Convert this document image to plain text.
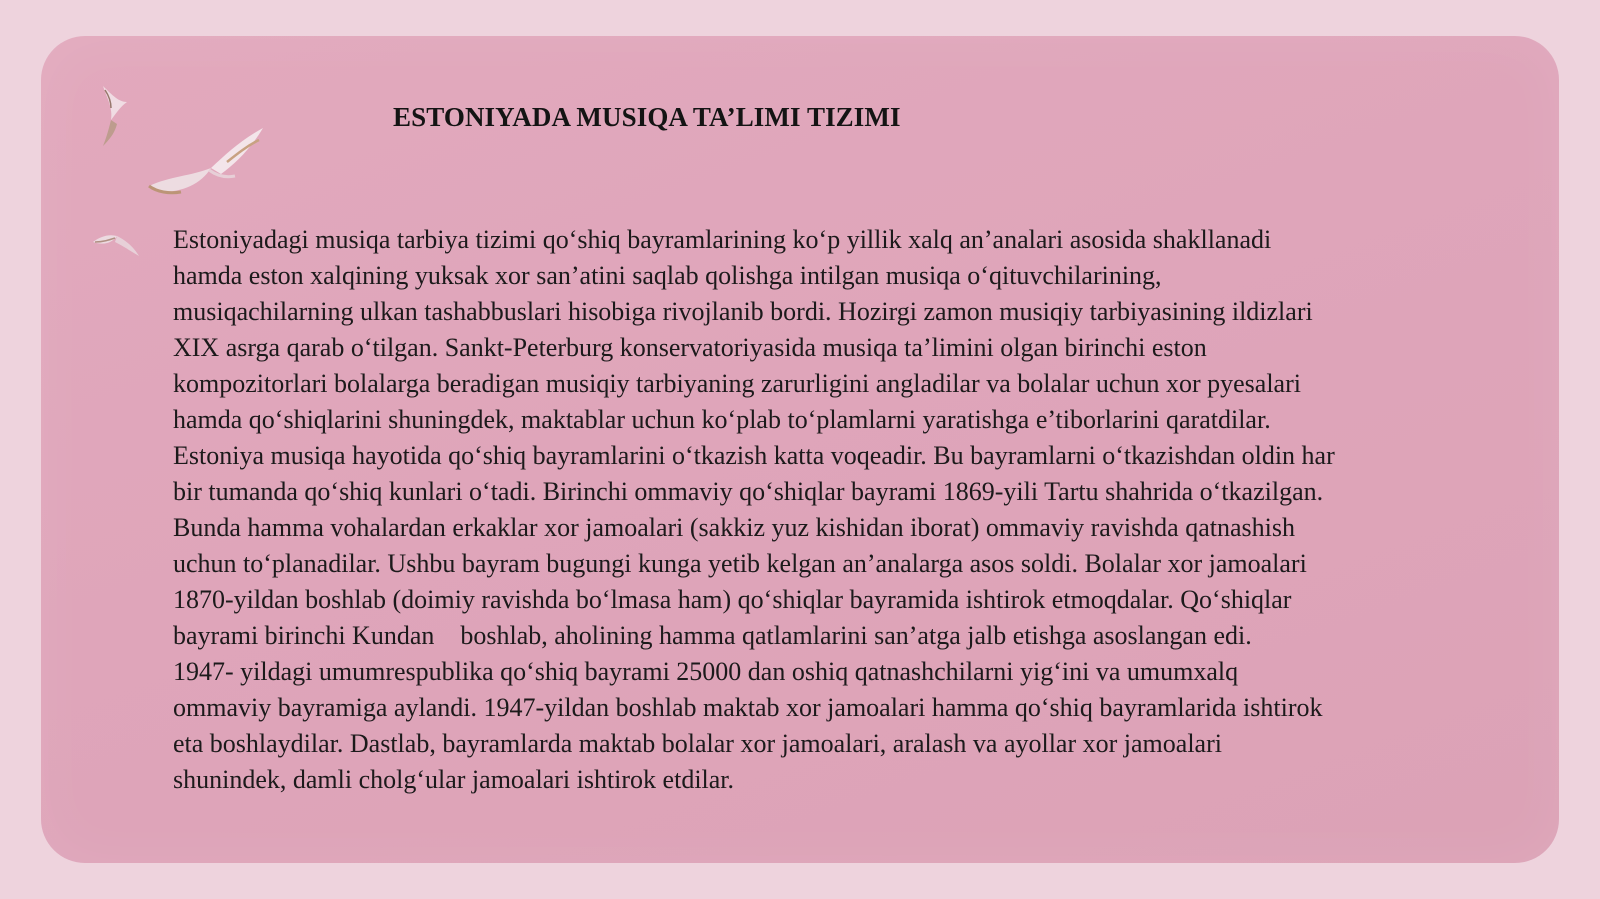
ESTONIYADA MUSIQA TA’LIMI TIZIMI
Estoniyadagi musiqa tarbiya tizimi qo‘shiq bayramlarining ko‘p yillik xalq an’analari asosida shakllanadi
hamda eston xalqining yuksak xor san’atini saqlab qolishga intilgan musiqa o‘qituvchilarining,
musiqachilarning ulkan tashabbuslari hisobiga rivojlanib bordi. Hozirgi zamon musiqiy tarbiyasining ildizlari
XIX asrga qarab o‘tilgan. Sankt-Peterburg konservatoriyasida musiqa ta’limini olgan birinchi eston
kompozitorlari bolalarga beradigan musiqiy tarbiyaning zarurligini angladilar va bolalar uchun xor pyesalari
hamda qo‘shiqlarini shuningdek, maktablar uchun ko‘plab to‘plamlarni yaratishga e’tiborlarini qaratdilar.
Estoniya musiqa hayotida qo‘shiq bayramlarini o‘tkazish katta voqeadir. Bu bayramlarni o‘tkazishdan oldin har
bir tumanda qo‘shiq kunlari o‘tadi. Birinchi ommaviy qo‘shiqlar bayrami 1869-yili Tartu shahrida o‘tkazilgan.
Bunda hamma vohalardan erkaklar xor jamoalari (sakkiz yuz kishidan iborat) ommaviy ravishda qatnashish
uchun to‘planadilar. Ushbu bayram bugungi kunga yetib kelgan an’analarga asos soldi. Bolalar xor jamoalari
1870-yildan boshlab (doimiy ravishda bo‘lmasa ham) qo‘shiqlar bayramida ishtirok etmoqdalar. Qo‘shiqlar
bayrami birinchi Kundan    boshlab, aholining hamma qatlamlarini san’atga jalb etishga asoslangan edi.
1947- yildagi umumrespublika qo‘shiq bayrami 25000 dan oshiq qatnashchilarni yig‘ini va umumxalq
ommaviy bayramiga aylandi. 1947-yildan boshlab maktab xor jamoalari hamma qo‘shiq bayramlarida ishtirok
eta boshlaydilar. Dastlab, bayramlarda maktab bolalar xor jamoalari, aralash va ayollar xor jamoalari
shunindek, damli cholg‘ular jamoalari ishtirok etdilar.
